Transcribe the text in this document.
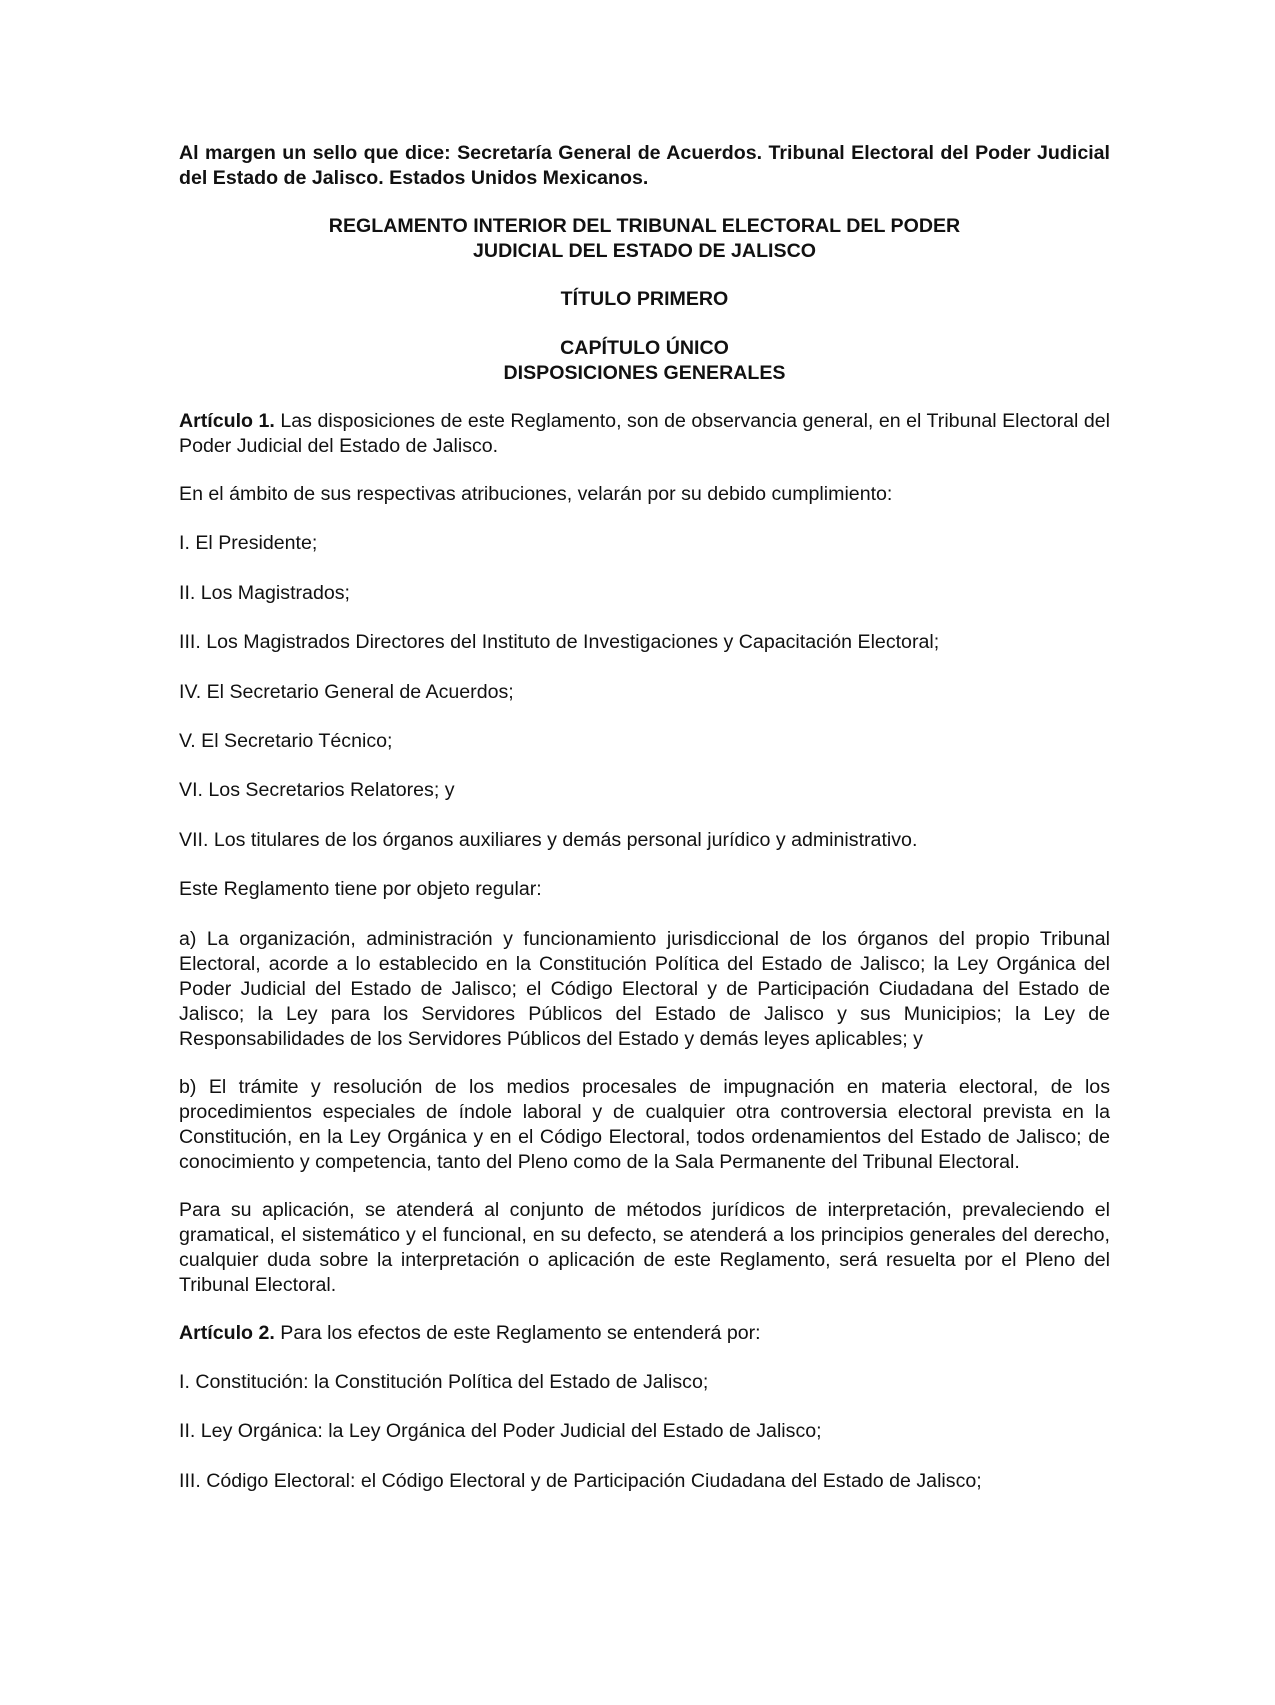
Al margen un sello que dice: Secretaría General de Acuerdos. Tribunal Electoral del Poder Judicial del Estado de Jalisco. Estados Unidos Mexicanos.

REGLAMENTO INTERIOR DEL TRIBUNAL ELECTORAL DEL PODER

JUDICIAL DEL ESTADO DE JALISCO

TÍTULO PRIMERO

CAPÍTULO ÚNICO

DISPOSICIONES GENERALES

Artículo 1. Las disposiciones de este Reglamento, son de observancia general, en el Tribunal Electoral del Poder Judicial del Estado de Jalisco.

En el ámbito de sus respectivas atribuciones, velarán por su debido cumplimiento:

I. El Presidente;

II. Los Magistrados;

III. Los Magistrados Directores del Instituto de Investigaciones y Capacitación Electoral;

IV. El Secretario General de Acuerdos;

V. El Secretario Técnico;

VI. Los Secretarios Relatores; y

VII. Los titulares de los órganos auxiliares y demás personal jurídico y administrativo.

Este Reglamento tiene por objeto regular:

a) La organización, administración y funcionamiento jurisdiccional de los órganos del propio Tribunal Electoral, acorde a lo establecido en la Constitución Política del Estado de Jalisco; la Ley Orgánica del Poder Judicial del Estado de Jalisco; el Código Electoral y de Participación Ciudadana del Estado de Jalisco; la Ley para los Servidores Públicos del Estado de Jalisco y sus Municipios; la Ley de Responsabilidades de los Servidores Públicos del Estado y demás leyes aplicables; y

b) El trámite y resolución de los medios procesales de impugnación en materia electoral, de los procedimientos especiales de índole laboral y de cualquier otra controversia electoral prevista en la Constitución, en la Ley Orgánica y en el Código Electoral, todos ordenamientos del Estado de Jalisco; de conocimiento y competencia, tanto del Pleno como de la Sala Permanente del Tribunal Electoral.

Para su aplicación, se atenderá al conjunto de métodos jurídicos de interpretación, prevaleciendo el gramatical, el sistemático y el funcional, en su defecto, se atenderá a los principios generales del derecho, cualquier duda sobre la interpretación o aplicación de este Reglamento, será resuelta por el Pleno del Tribunal Electoral.

Artículo 2. Para los efectos de este Reglamento se entenderá por:

I. Constitución: la Constitución Política del Estado de Jalisco;

II. Ley Orgánica: la Ley Orgánica del Poder Judicial del Estado de Jalisco;

III. Código Electoral: el Código Electoral y de Participación Ciudadana del Estado de Jalisco;
